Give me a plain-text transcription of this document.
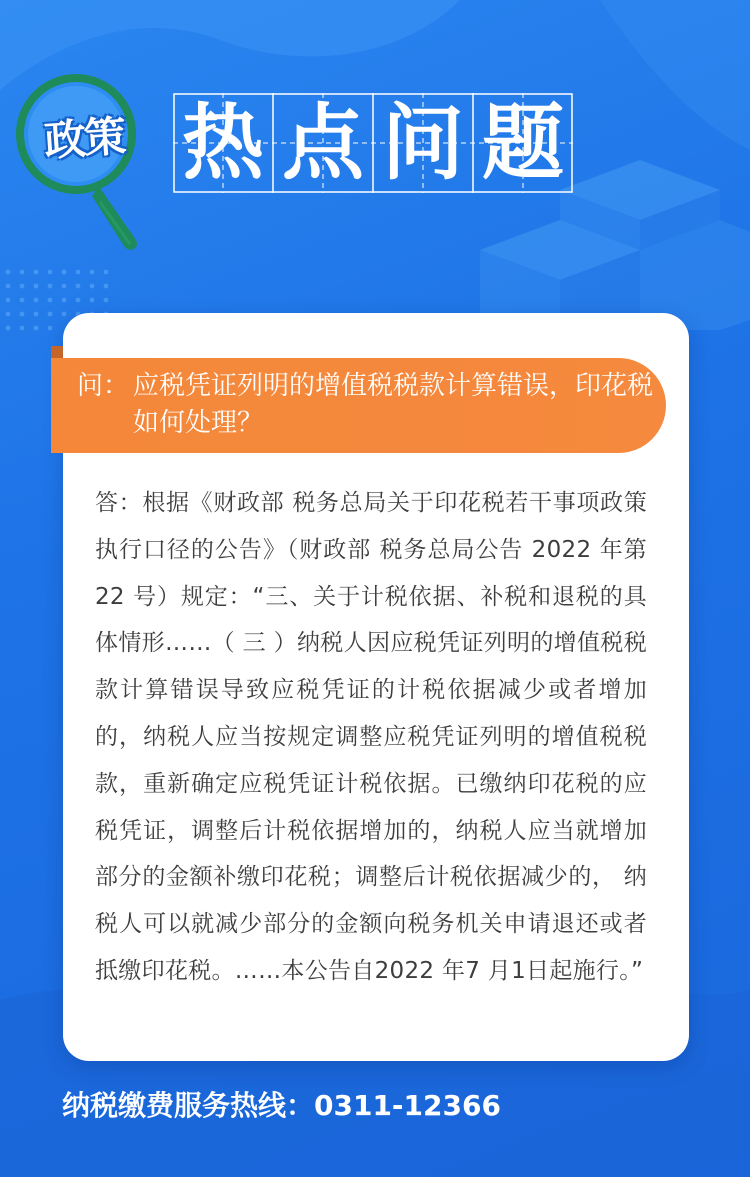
政策 热 点 问 题
问： 应税凭证列明的增值税税款计算错误，印花税如何处理？
答：根据《财政部 税务总局关于印花税若干事项政策执行口径的公告》（财政部 税务总局公告 2022 年第 22 号）规定：“三、关于计税依据、补税和退税的具体情形……（ 三 ）纳税人因应税凭证列明的增值税税款计算错误导致应税凭证的计税依据减少或者增加的，纳税人应当按规定调整应税凭证列明的增值税税款，重新确定应税凭证计税依据。已缴纳印花税的应税凭证，调整后计税依据增加的，纳税人应当就增加部分的金额补缴印花税；调整后计税依据减少的， 纳税人可以就减少部分的金额向税务机关申请退还或者抵缴印花税。……本公告自2022 年7 月1日起施行。”
纳税缴费服务热线：0311-12366
